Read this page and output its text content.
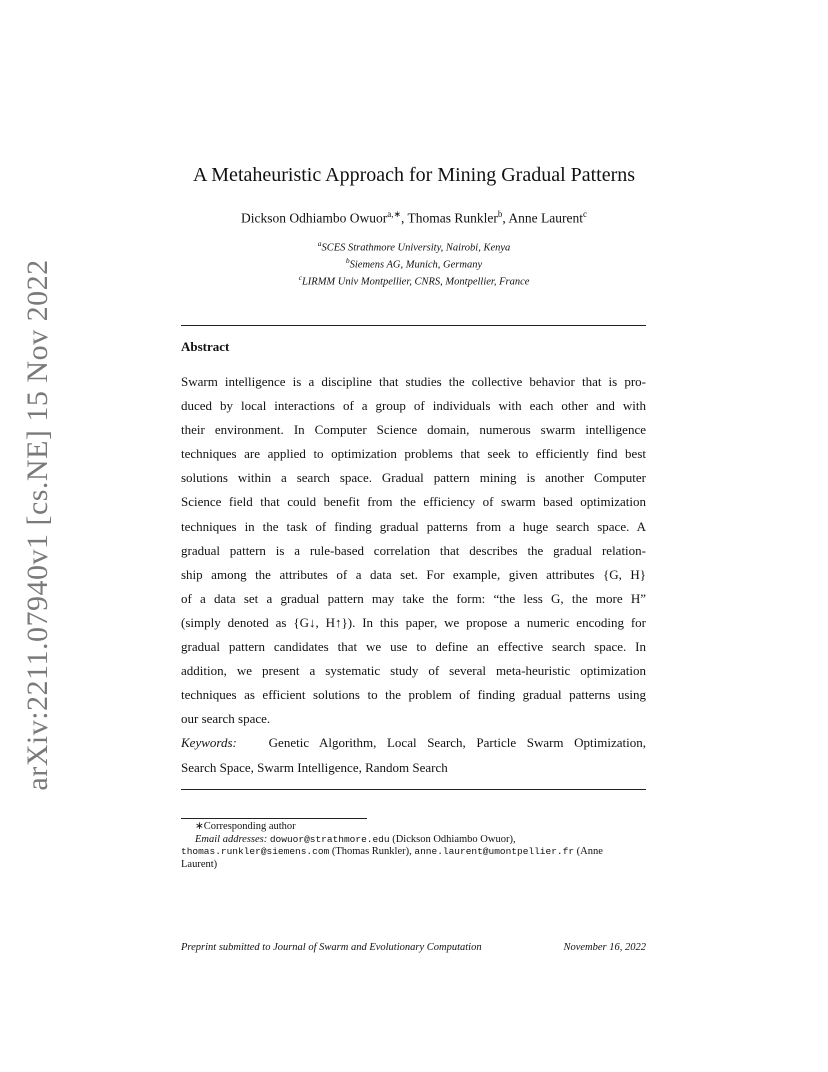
arXiv:2211.07940v1 [cs.NE] 15 Nov 2022
A Metaheuristic Approach for Mining Gradual Patterns
Dickson Odhiambo Owuor$^{a,∗}$, Thomas Runkler$^b$, Anne Laurent$^c$
$^a$SCES Strathmore University, Nairobi, Kenya
$^b$Siemens AG, Munich, Germany
$^c$LIRMM Univ Montpellier, CNRS, Montpellier, France
Abstract
Swarm intelligence is a discipline that studies the collective behavior that is pro-
duced by local interactions of a group of individuals with each other and with
their environment. In Computer Science domain, numerous swarm intelligence
techniques are applied to optimization problems that seek to efficiently find best
solutions within a search space. Gradual pattern mining is another Computer
Science field that could benefit from the efficiency of swarm based optimization
techniques in the task of finding gradual patterns from a huge search space. A
gradual pattern is a rule-based correlation that describes the gradual relation-
ship among the attributes of a data set. For example, given attributes {G, H}
of a data set a gradual pattern may take the form: “the less G, the more H”
(simply denoted as {G↓, H↑}). In this paper, we propose a numeric encoding for
gradual pattern candidates that we use to define an effective search space. In
addition, we present a systematic study of several meta-heuristic optimization
techniques as efficient solutions to the problem of finding gradual patterns using
our search space.
Keywords: Genetic Algorithm, Local Search, Particle Swarm Optimization,
Search Space, Swarm Intelligence, Random Search
∗Corresponding author
Email addresses: dowuor@strathmore.edu (Dickson Odhiambo Owuor),
thomas.runkler@siemens.com (Thomas Runkler), anne.laurent@umontpellier.fr (Anne
Laurent)
Preprint submitted to Journal of Swarm and Evolutionary Computation	November 16, 2022
